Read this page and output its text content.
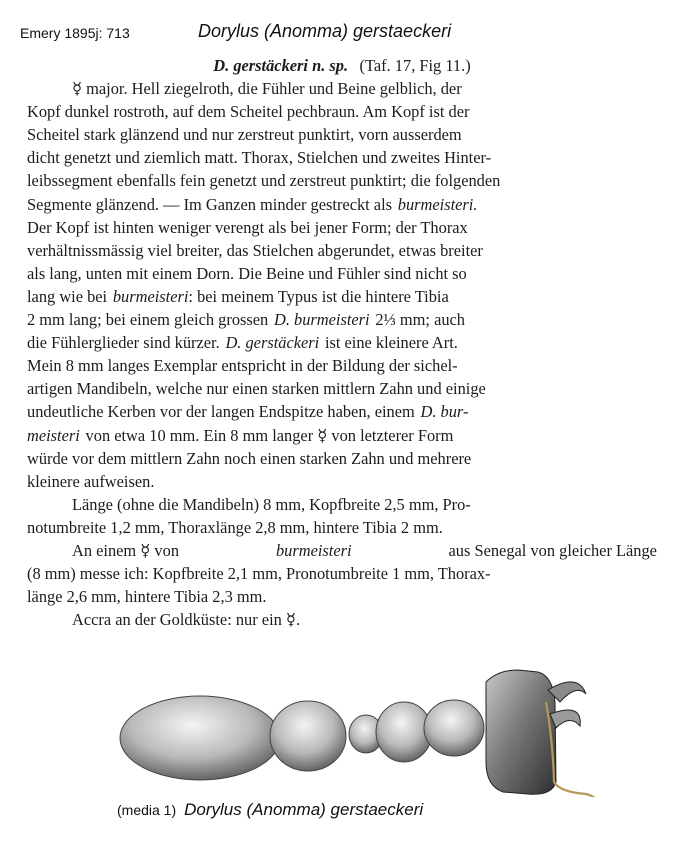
Emery 1895j: 713	Dorylus (Anomma) gerstaeckeri
D. gerstäckeri n. sp. (Taf. 17, Fig 11.)
☿ major. Hell ziegelroth, die Fühler und Beine gelblich, der
Kopf dunkel rostroth, auf dem Scheitel pechbraun. Am Kopf ist der
Scheitel stark glänzend und nur zerstreut punktirt, vorn ausserdem
dicht genetzt und ziemlich matt. Thorax, Stielchen und zweites Hinter-
leibssegment ebenfalls fein genetzt und zerstreut punktirt; die folgenden
Segmente glänzend. — Im Ganzen minder gestreckt als burmeisteri.
Der Kopf ist hinten weniger verengt als bei jener Form; der Thorax
verhältnissmässig viel breiter, das Stielchen abgerundet, etwas breiter
als lang, unten mit einem Dorn. Die Beine und Fühler sind nicht so
lang wie bei burmeisteri : bei meinem Typus ist die hintere Tibia
2 mm lang; bei einem gleich grossen D. burmeisteri 2⅓ mm; auch
die Fühlerglieder sind kürzer. D. gerstäckeri ist eine kleinere Art.
Mein 8 mm langes Exemplar entspricht in der Bildung der sichel-
artigen Mandibeln, welche nur einen starken mittlern Zahn und einige
undeutliche Kerben vor der langen Endspitze haben, einem D. bur-
meisteri von etwa 10 mm. Ein 8 mm langer ☿ von letzterer Form
würde vor dem mittlern Zahn noch einen starken Zahn und mehrere
kleinere aufweisen.
Länge (ohne die Mandibeln) 8 mm, Kopfbreite 2,5 mm, Pro-
notumbreite 1,2 mm, Thoraxlänge 2,8 mm, hintere Tibia 2 mm.
An einem ☿ von	burmeisteri	aus Senegal von gleicher Länge
(8 mm) messe ich: Kopfbreite 2,1 mm, Pronotumbreite 1 mm, Thorax-
länge 2,6 mm, hintere Tibia 2,3 mm.
Accra an der Goldküste: nur ein ☿.
(media 1) Dorylus (Anomma) gerstaeckeri
